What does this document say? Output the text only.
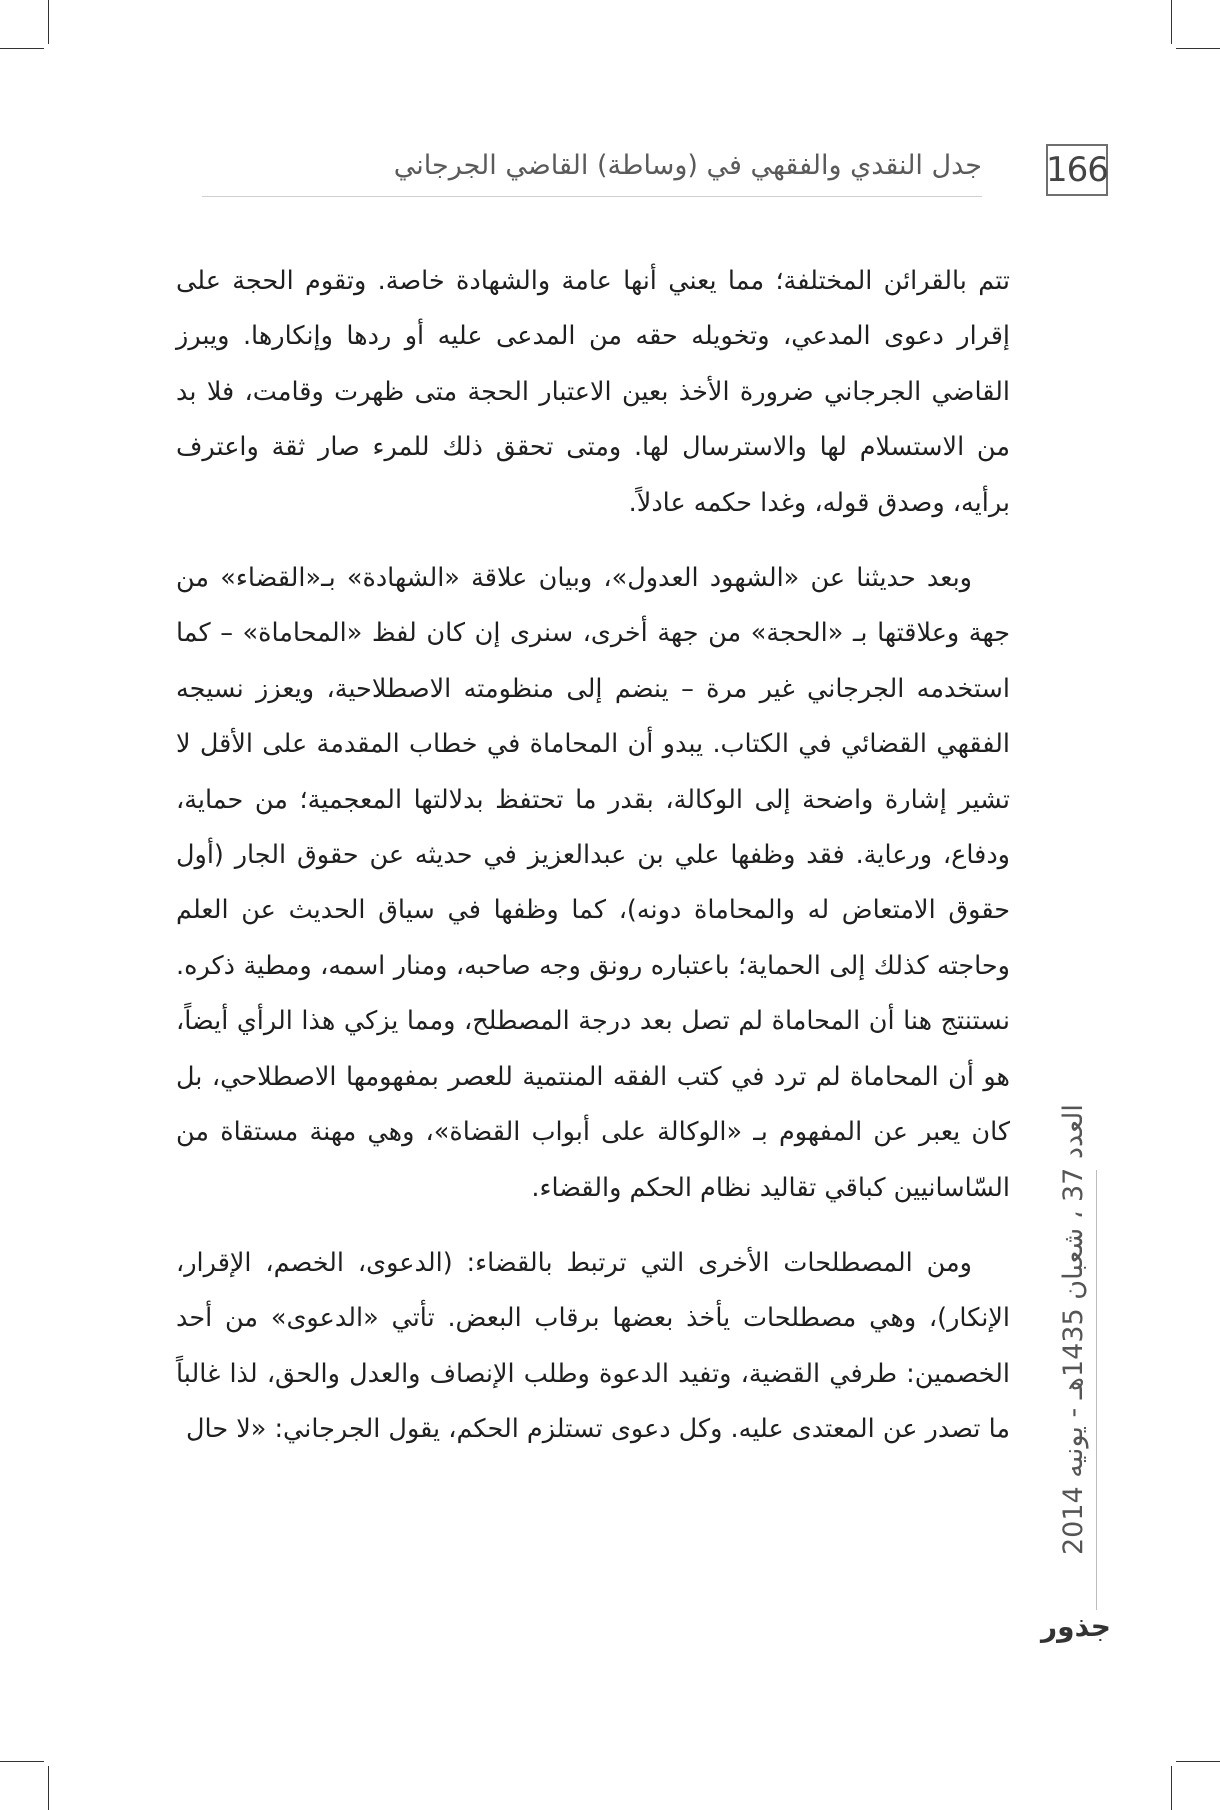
166
جدل النقدي والفقهي في (وساطة) القاضي الجرجاني

تتم بالقرائن المختلفة؛ مما يعني أنها عامة والشهادة خاصة. وتقوم الحجة على إقرار دعوى المدعي، وتخويله حقه من المدعى عليه أو ردها وإنكارها. ويبرز القاضي الجرجاني ضرورة الأخذ بعين الاعتبار الحجة متى ظهرت وقامت، فلا بد من الاستسلام لها والاسترسال لها. ومتى تحقق ذلك للمرء صار ثقة واعترف برأيه، وصدق قوله، وغدا حكمه عادلاً.

وبعد حديثنا عن «الشهود العدول»، وبيان علاقة «الشهادة» بـ«القضاء» من جهة وعلاقتها بـ «الحجة» من جهة أخرى، سنرى إن كان لفظ «المحاماة» – كما استخدمه الجرجاني غير مرة – ينضم إلى منظومته الاصطلاحية، ويعزز نسيجه الفقهي القضائي في الكتاب. يبدو أن المحاماة في خطاب المقدمة على الأقل لا تشير إشارة واضحة إلى الوكالة، بقدر ما تحتفظ بدلالتها المعجمية؛ من حماية، ودفاع، ورعاية. فقد وظفها علي بن عبدالعزيز في حديثه عن حقوق الجار (أول حقوق الامتعاض له والمحاماة دونه)، كما وظفها في سياق الحديث عن العلم وحاجته كذلك إلى الحماية؛ باعتباره رونق وجه صاحبه، ومنار اسمه، ومطية ذكره. نستنتج هنا أن المحاماة لم تصل بعد درجة المصطلح، ومما يزكي هذا الرأي أيضاً، هو أن المحاماة لم ترد في كتب الفقه المنتمية للعصر بمفهومها الاصطلاحي، بل كان يعبر عن المفهوم بـ «الوكالة على أبواب القضاة»، وهي مهنة مستقاة من السّاسانيين كباقي تقاليد نظام الحكم والقضاء.

ومن المصطلحات الأخرى التي ترتبط بالقضاء: (الدعوى، الخصم، الإقرار، الإنكار)، وهي مصطلحات يأخذ بعضها برقاب البعض. تأتي «الدعوى» من أحد الخصمين: طرفي القضية، وتفيد الدعوة وطلب الإنصاف والعدل والحق، لذا غالباً ما تصدر عن المعتدى عليه. وكل دعوى تستلزم الحكم، يقول الجرجاني: «لا حال

العدد 37 ، شعبان 1435هـ - يونيه 2014
جذور
